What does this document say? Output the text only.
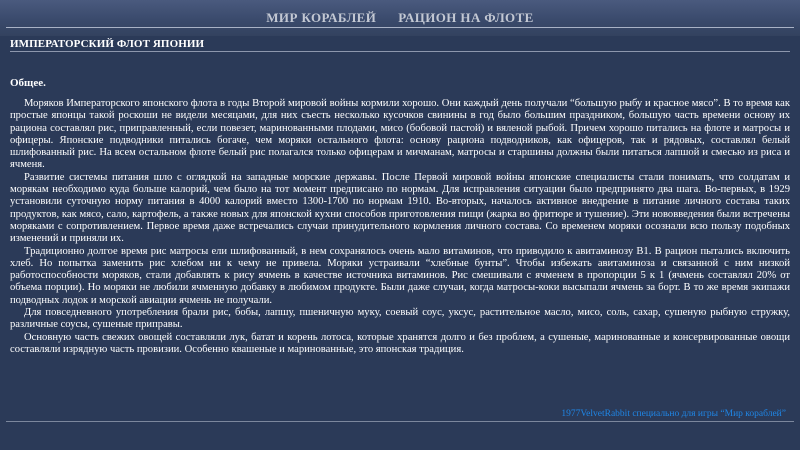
МИР КОРАБЛЕЙ РАЦИОН НА ФЛОТЕ
ИМПЕРАТОРСКИЙ ФЛОТ ЯПОНИИ
Общее.

Моряков Императорского японского флота в годы Второй мировой войны кормили хорошо. Они каждый день получали “большую рыбу и красное мясо”. В то время как простые японцы такой роскоши не видели месяцами, для них съесть несколько кусочков свинины в год было большим праздником, большую часть времени основу их рациона составлял рис, приправленный, если повезет, маринованными плодами, мисо (бобовой пастой) и вяленой рыбой. Причем хорошо питались на флоте и матросы и офицеры. Японские подводники питались богаче, чем моряки остального флота: основу рациона подводников, как офицеров, так и рядовых, составлял белый шлифованный рис. На всем остальном флоте белый рис полагался только офицерам и мичманам, матросы и старшины должны были питаться лапшой и смесью из риса и ячменя.

Развитие системы питания шло с оглядкой на западные морские державы. После Первой мировой войны японские специалисты стали понимать, что солдатам и морякам необходимо куда больше калорий, чем было на тот момент предписано по нормам. Для исправления ситуации было предпринято два шага. Во-первых, в 1929 установили суточную норму питания в 4000 калорий вместо 1300-1700 по нормам 1910. Во-вторых, началось активное внедрение в питание личного состава таких продуктов, как мясо, сало, картофель, а также новых для японской кухни способов приготовления пищи (жарка во фритюре и тушение). Эти нововведения были встречены моряками с сопротивлением. Первое время даже встречались случаи принудительного кормления личного состава. Со временем моряки осознали всю пользу подобных изменений и приняли их.

Традиционно долгое время рис матросы ели шлифованный, в нем сохранялось очень мало витаминов, что приводило к авитаминозу B1. В рацион пытались включить хлеб. Но попытка заменить рис хлебом ни к чему не привела. Моряки устраивали “хлебные бунты”. Чтобы избежать авитаминоза и связанной с ним низкой работоспособности моряков, стали добавлять к рису ячмень в качестве источника витаминов. Рис смешивали с ячменем в пропорции 5 к 1 (ячмень составлял 20% от объема порции). Но моряки не любили ячменную добавку в любимом продукте. Были даже случаи, когда матросы-коки высыпали ячмень за борт. В то же время экипажи подводных лодок и морской авиации ячмень не получали.

Для повседневного употребления брали рис, бобы, лапшу, пшеничную муку, соевый соус, уксус, растительное масло, мисо, соль, сахар, сушеную рыбную стружку, различные соусы, сушеные приправы.

Основную часть свежих овощей составляли лук, батат и корень лотоса, которые хранятся долго и без проблем, а сушеные, маринованные и консервированные овощи составляли изрядную часть провизии. Особенно квашеные и маринованные, это японская традиция.

1977VelvetRabbit специально для игры “Мир кораблей”
